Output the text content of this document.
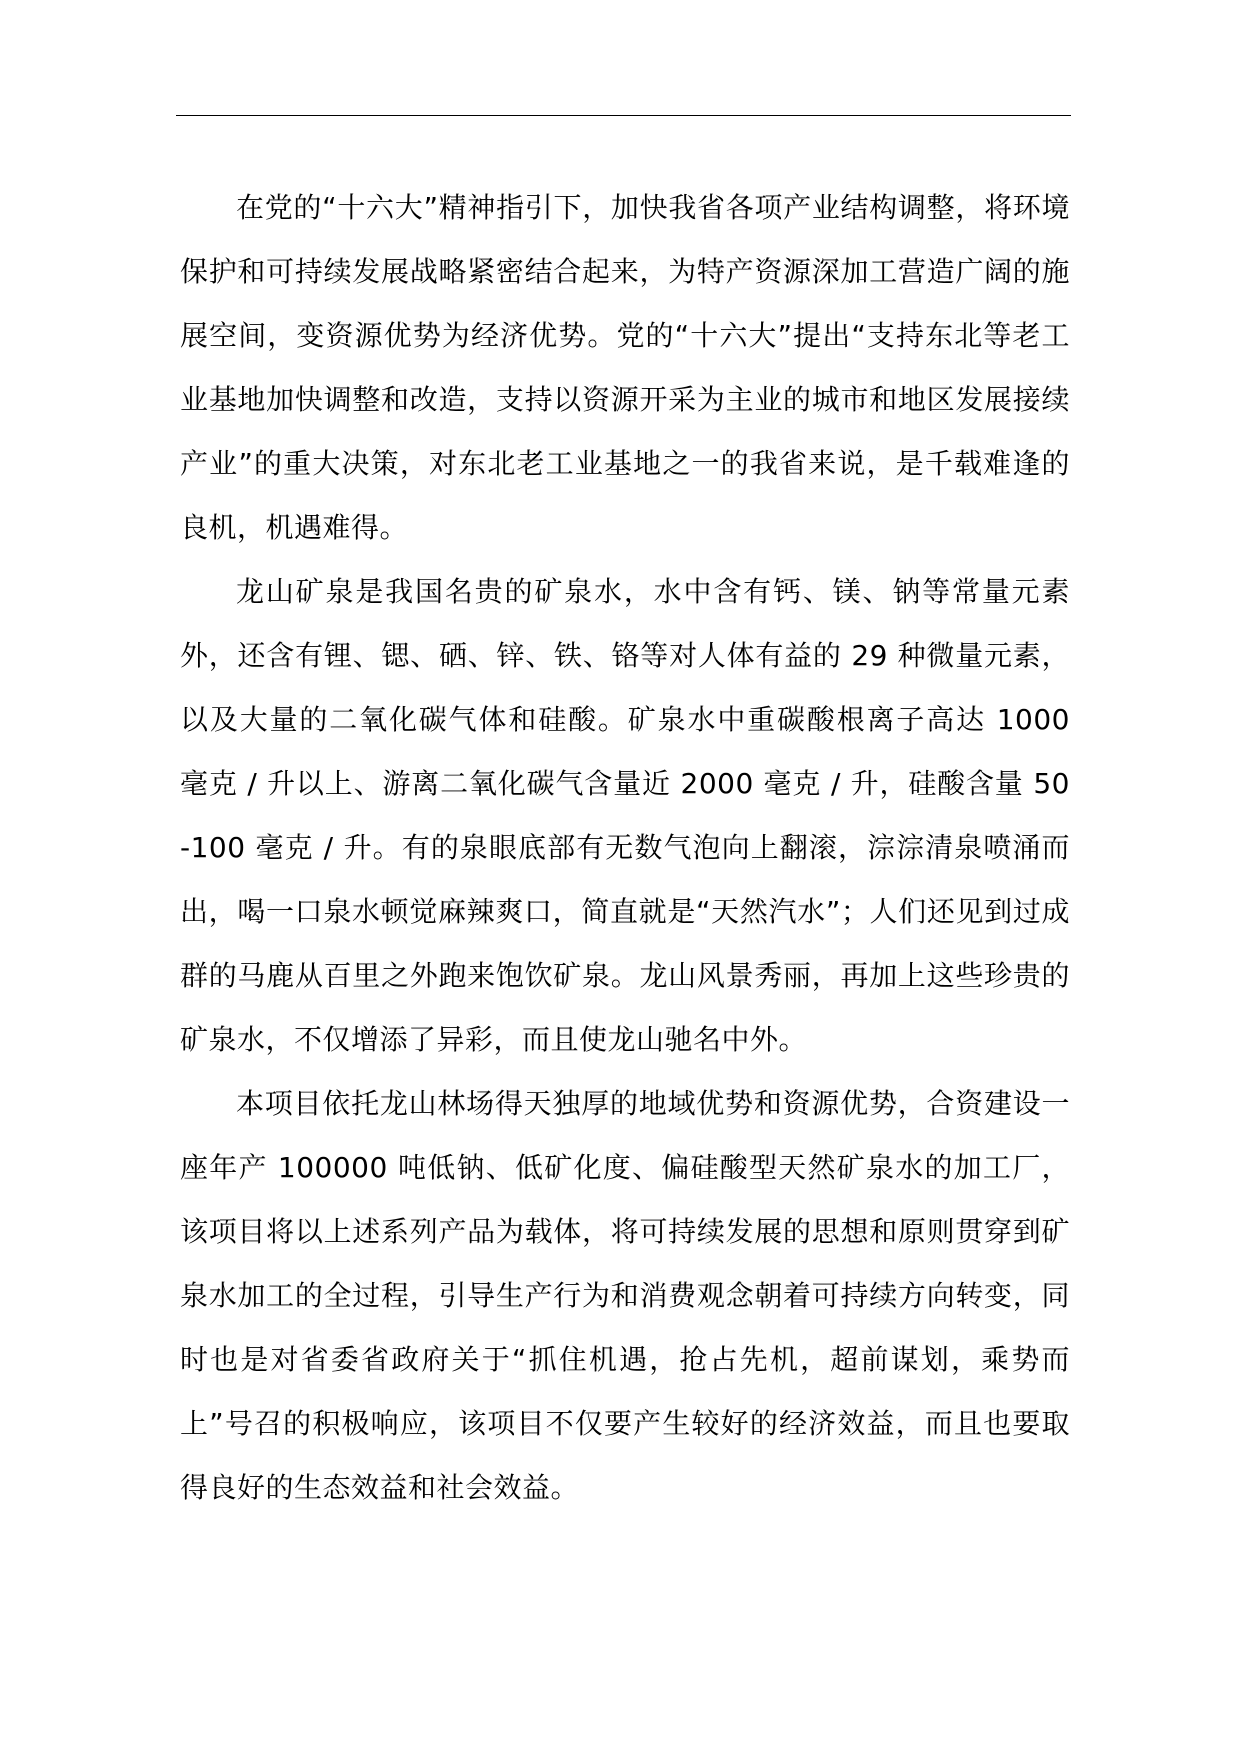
在党的“十六大”精神指引下，加快我省各项产业结构调整，将环境保护和可持续发展战略紧密结合起来，为特产资源深加工营造广阔的施展空间，变资源优势为经济优势。党的“十六大”提出“支持东北等老工业基地加快调整和改造，支持以资源开采为主业的城市和地区发展接续产业”的重大决策，对东北老工业基地之一的我省来说，是千载难逢的良机，机遇难得。

龙山矿泉是我国名贵的矿泉水，水中含有钙、镁、钠等常量元素外，还含有锂、锶、硒、锌、铁、铬等对人体有益的 29 种微量元素，以及大量的二氧化碳气体和硅酸。矿泉水中重碳酸根离子高达 1000 毫克 / 升以上、游离二氧化碳气含量近 2000 毫克 / 升，硅酸含量 50-100 毫克 / 升。有的泉眼底部有无数气泡向上翻滚，淙淙清泉喷涌而出，喝一口泉水顿觉麻辣爽口，简直就是“天然汽水”；人们还见到过成群的马鹿从百里之外跑来饱饮矿泉。龙山风景秀丽，再加上这些珍贵的矿泉水，不仅增添了异彩，而且使龙山驰名中外。

本项目依托龙山林场得天独厚的地域优势和资源优势，合资建设一座年产 100000 吨低钠、低矿化度、偏硅酸型天然矿泉水的加工厂，该项目将以上述系列产品为载体，将可持续发展的思想和原则贯穿到矿泉水加工的全过程，引导生产行为和消费观念朝着可持续方向转变，同时也是对省委省政府关于“抓住机遇，抢占先机，超前谋划，乘势而上”号召的积极响应，该项目不仅要产生较好的经济效益，而且也要取得良好的生态效益和社会效益。
